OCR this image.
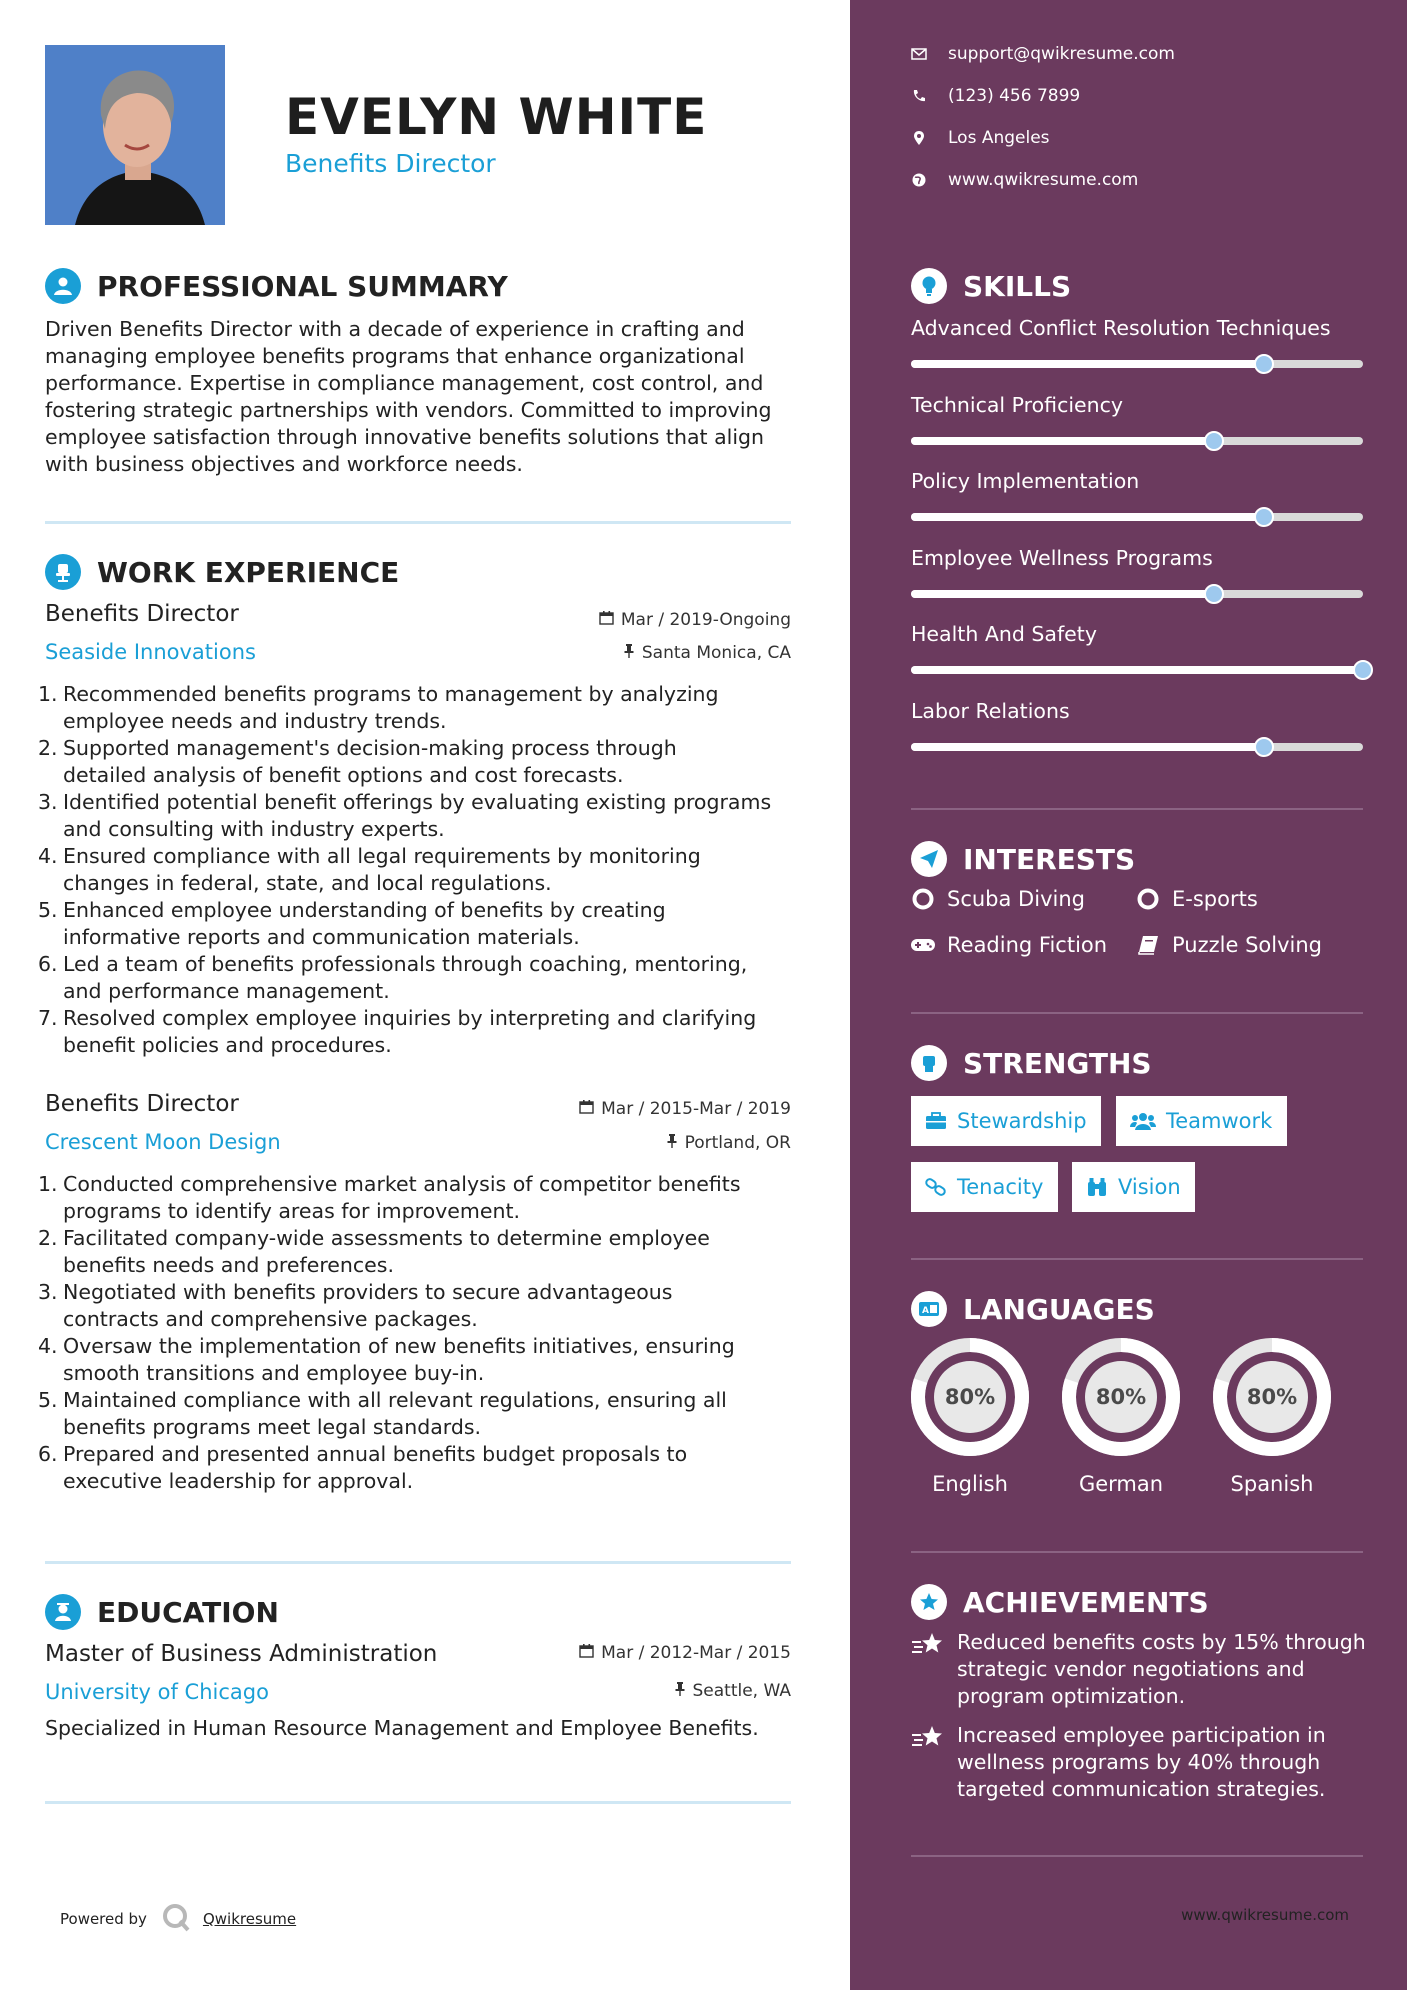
EVELYN WHITE
Benefits Director
PROFESSIONAL SUMMARY
Driven Benefits Director with a decade of experience in crafting and managing employee benefits programs that enhance organizational performance. Expertise in compliance management, cost control, and fostering strategic partnerships with vendors. Committed to improving employee satisfaction through innovative benefits solutions that align with business objectives and workforce needs.
WORK EXPERIENCE
Benefits Director
Seaside Innovations
Mar / 2019-Ongoing
Santa Monica, CA
1. Recommended benefits programs to management by analyzing
employee needs and industry trends.
2. Supported management's decision-making process through
detailed analysis of benefit options and cost forecasts.
3. Identified potential benefit offerings by evaluating existing programs
and consulting with industry experts.
4. Ensured compliance with all legal requirements by monitoring
changes in federal, state, and local regulations.
5. Enhanced employee understanding of benefits by creating
informative reports and communication materials.
6. Led a team of benefits professionals through coaching, mentoring,
and performance management.
7. Resolved complex employee inquiries by interpreting and clarifying
benefit policies and procedures.
Benefits Director
Crescent Moon Design
Mar / 2015-Mar / 2019
Portland, OR
1. Conducted comprehensive market analysis of competitor benefits
programs to identify areas for improvement.
2. Facilitated company-wide assessments to determine employee
benefits needs and preferences.
3. Negotiated with benefits providers to secure advantageous
contracts and comprehensive packages.
4. Oversaw the implementation of new benefits initiatives, ensuring
smooth transitions and employee buy-in.
5. Maintained compliance with all relevant regulations, ensuring all
benefits programs meet legal standards.
6. Prepared and presented annual benefits budget proposals to
executive leadership for approval.
EDUCATION
Master of Business Administration
University of Chicago
Mar / 2012-Mar / 2015
Seattle, WA
Specialized in Human Resource Management and Employee Benefits.
Powered by	Qwikresume
support@qwikresume.com
(123) 456 7899
Los Angeles
www.qwikresume.com
SKILLS
Advanced Conflict Resolution Techniques
Technical Proficiency
Policy Implementation
Employee Wellness Programs
Health And Safety
Labor Relations
INTERESTS
Scuba Diving	E-sports
Reading Fiction	Puzzle Solving
STRENGTHS
Stewardship	Teamwork
Tenacity	Vision
A LANGUAGES
80%
English
80%
German
80%
Spanish
ACHIEVEMENTS
Reduced benefits costs by 15% through
strategic vendor negotiations and
program optimization.
Increased employee participation in
wellness programs by 40% through
targeted communication strategies.
www.qwikresume.com
